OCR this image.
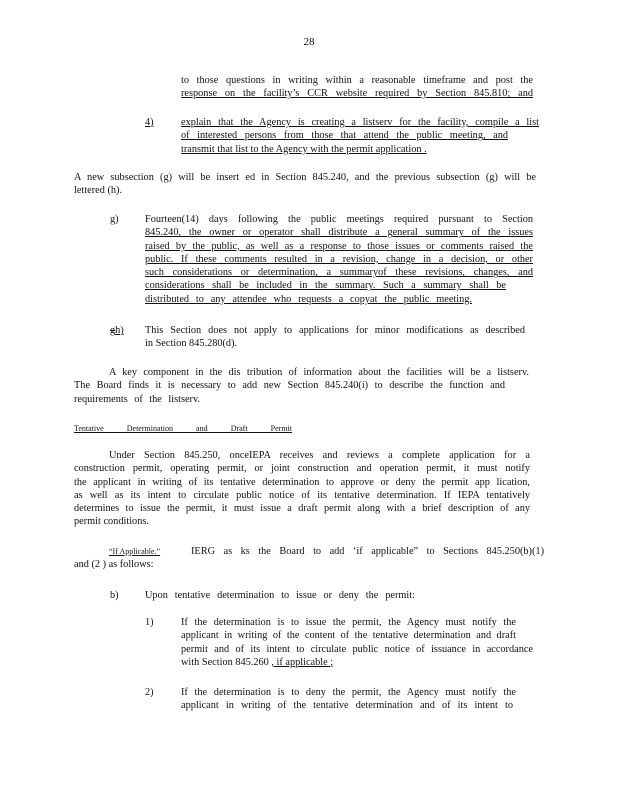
28
to those questions in writing within a reasonable timeframe and post the
response on the facility’s CCR website required by Section 845.810; and
4)	explain that the Agency is creating a listserv for the facility, compile a list
of interested persons from those that attend the public meeting, and
transmit that list to the Agency with the permit application .
A new subsection (g) will be insert ed in Section 845.240, and the previous subsection (g) will be
lettered (h).
g)	Fourteen(14) days following the public meetings required pursuant to Section
845.240, the owner or operator shall distribute a general summary of the issues
raised by the public, as well as a response to those issues or comments raised the
public. If these comments resulted in a revision, change in a decision, or other
such considerations or determination, a summaryof these revisions, changes, and
considerations shall be included in the summary. Such a summary shall be
distributed to any attendee who requests a copyat the public meeting.
gh) This Section does not apply to applications for minor modifications as described
in Section 845.280(d).
A key component in the dis tribution of information about the facilities will be a listserv.
The Board finds it is necessary to add new Section 845.240(i) to describe the function and
requirements of the listserv.
Tentative Determination and Draft Permit
Under Section 845.250, onceIEPA receives and reviews a complete application for a
construction permit, operating permit, or joint construction and operation permit, it must notify
the applicant in writing of its tentative determination to approve or deny the permit app lication,
as well as its intent to circulate public notice of its tentative determination. If IEPA tentatively
determines to issue the permit, it must issue a draft permit along with a brief description of any
permit conditions.
“If Applicable.”	IERG as ks the Board to add ‘if applicable” to Sections 845.250(b)(1)
and (2 ) as follows:
b)	Upon tentative determination to issue or deny the permit:
1)	If the determination is to issue the permit, the Agency must notify the
applicant in writing of the content of the tentative determination and draft
permit and of its intent to circulate public notice of issuance in accordance
with Section 845.260 , if applicable ;
2)	If the determination is to deny the permit, the Agency must notify the
applicant in writing of the tentative determination and of its intent to
